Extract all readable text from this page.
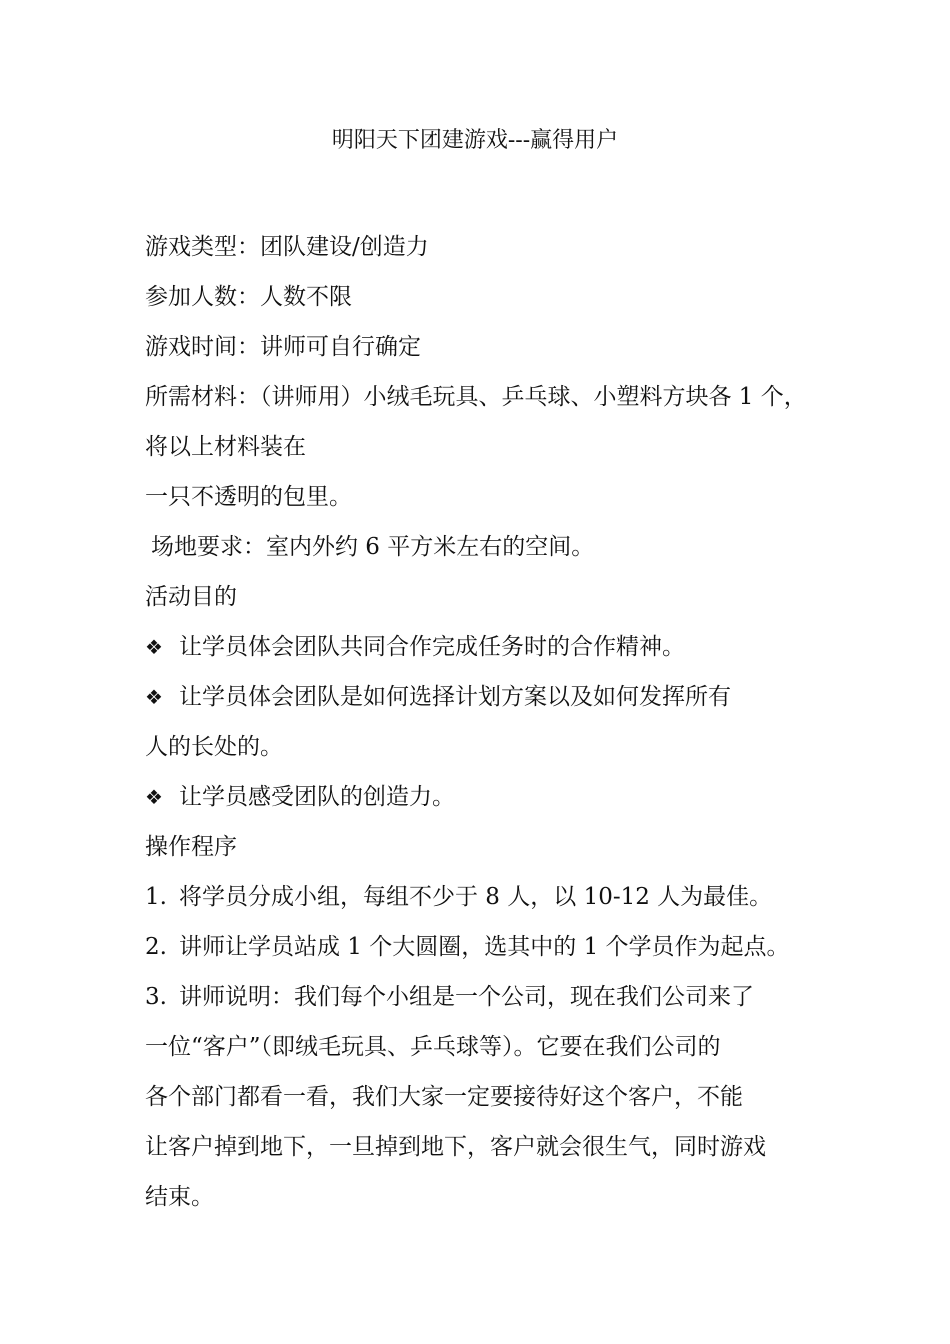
明阳天下团建游戏---赢得用户
游戏类型：团队建设/创造力
参加人数：人数不限
游戏时间：讲师可自行确定
所需材料：（讲师用）小绒毛玩具、乒乓球、小塑料方块各 1 个，
将以上材料装在
一只不透明的包里。
场地要求：室内外约 6 平方米左右的空间。
活动目的
❖ 让学员体会团队共同合作完成任务时的合作精神。
❖ 让学员体会团队是如何选择计划方案以及如何发挥所有
人的长处的。
❖ 让学员感受团队的创造力。
操作程序
1. 将学员分成小组，每组不少于 8 人，以 10-12 人为最佳。
2. 讲师让学员站成 1 个大圆圈，选其中的 1 个学员作为起点。
3. 讲师说明：我们每个小组是一个公司，现在我们公司来了
一位“客户”（即绒毛玩具、乒乓球等）。它要在我们公司的
各个部门都看一看，我们大家一定要接待好这个客户，不能
让客户掉到地下，一旦掉到地下，客户就会很生气，同时游戏
结束。
